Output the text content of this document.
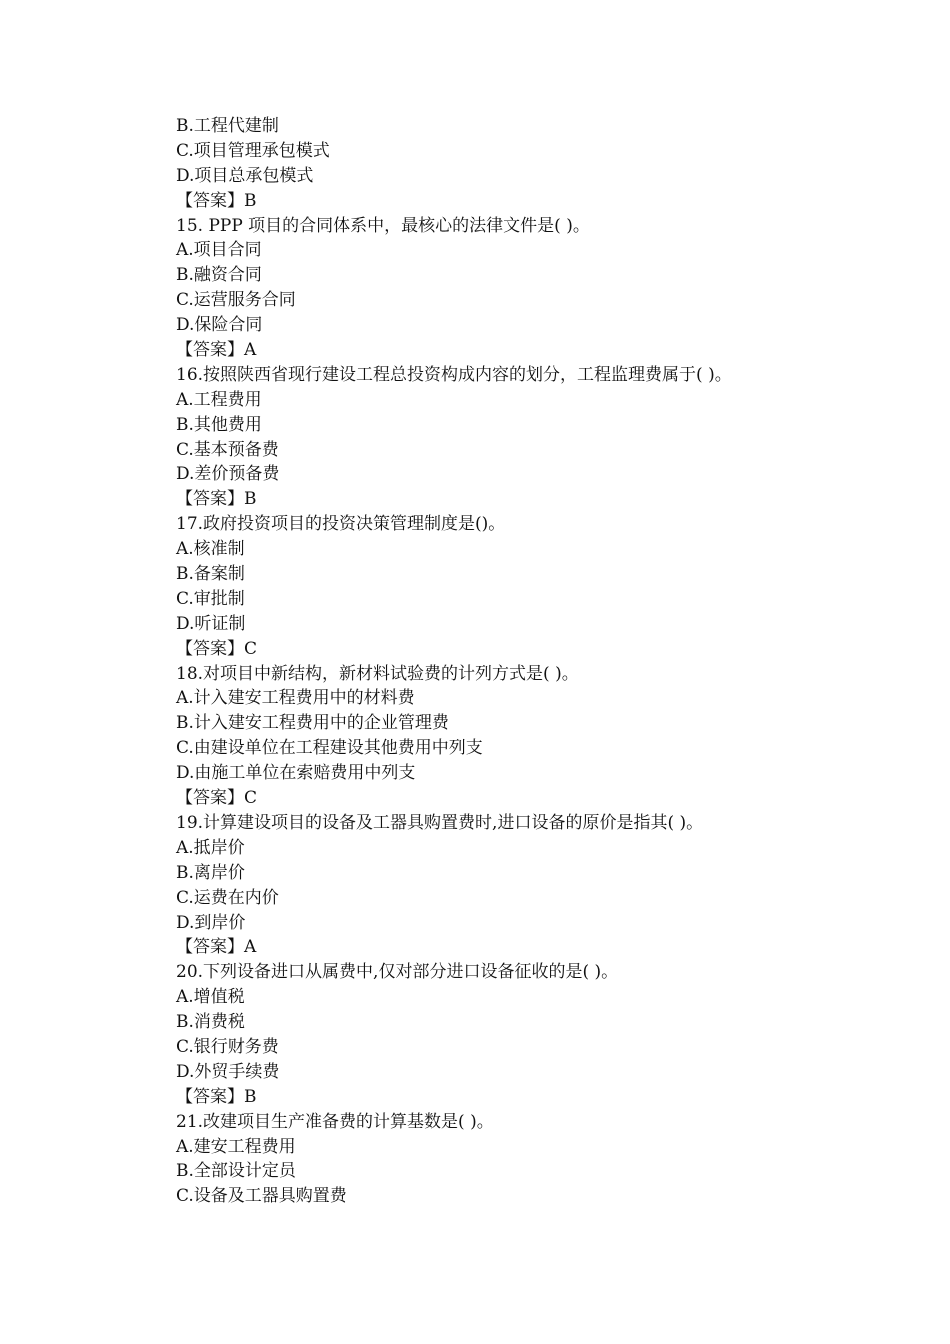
B.工程代建制
C.项目管理承包模式
D.项目总承包模式
【答案】B
15. PPP 项目的合同体系中，最核心的法律文件是( )。
A.项目合同
B.融资合同
C.运营服务合同
D.保险合同
【答案】A
16.按照陕西省现行建设工程总投资构成内容的划分，工程监理费属于( )。
A.工程费用
B.其他费用
C.基本预备费
D.差价预备费
【答案】B
17.政府投资项目的投资决策管理制度是()。
A.核准制
B.备案制
C.审批制
D.听证制
【答案】C
18.对项目中新结构，新材料试验费的计列方式是( )。
A.计入建安工程费用中的材料费
B.计入建安工程费用中的企业管理费
C.由建设单位在工程建设其他费用中列支
D.由施工单位在索赔费用中列支
【答案】C
19.计算建设项目的设备及工器具购置费时,进口设备的原价是指其( )。
A.抵岸价
B.离岸价
C.运费在内价
D.到岸价
【答案】A
20.下列设备进口从属费中,仅对部分进口设备征收的是( )。
A.增值税
B.消费税
C.银行财务费
D.外贸手续费
【答案】B
21.改建项目生产准备费的计算基数是( )。
A.建安工程费用
B.全部设计定员
C.设备及工器具购置费
